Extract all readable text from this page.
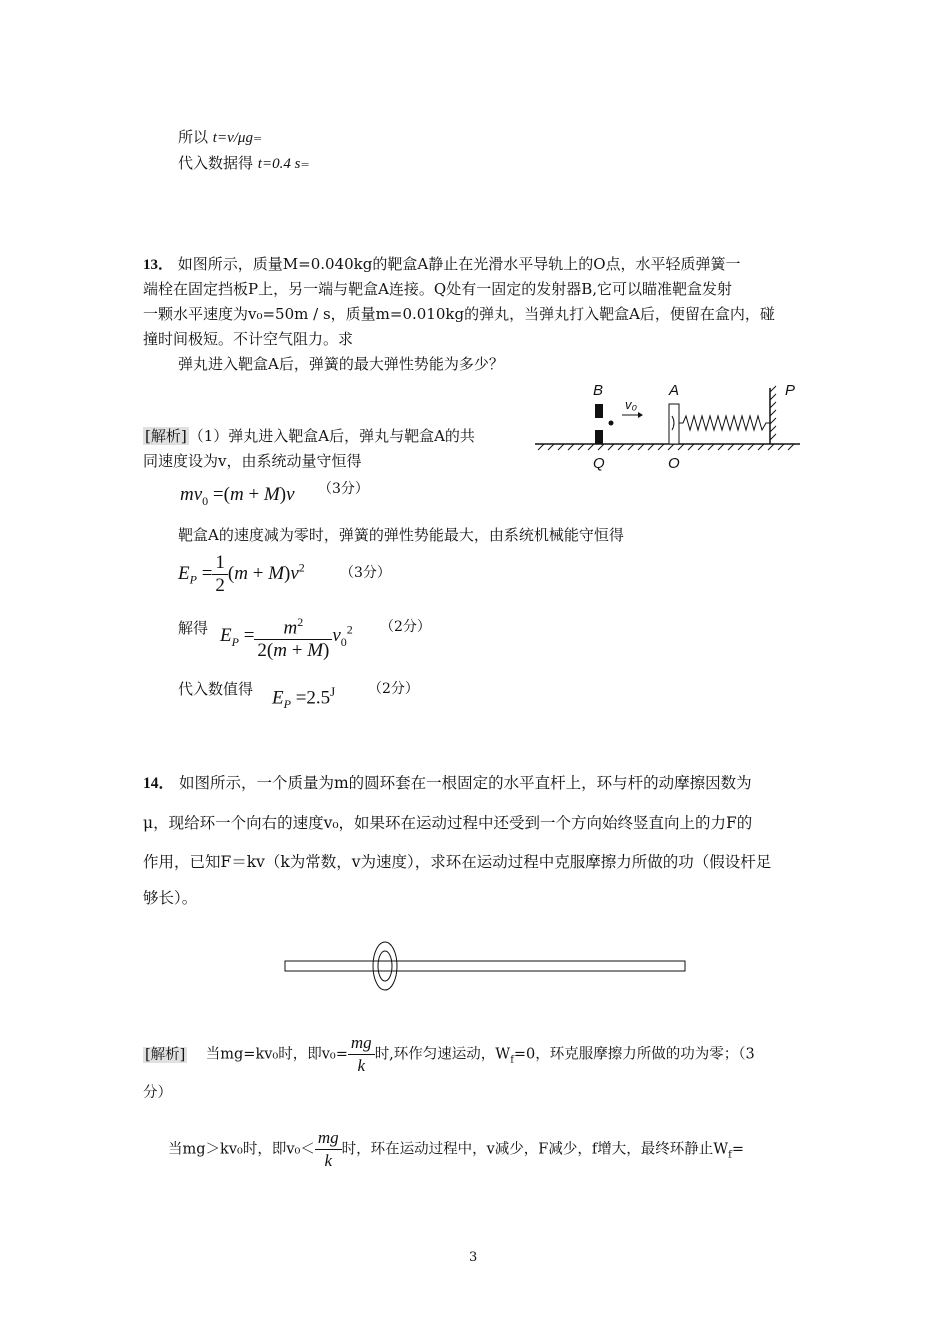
所以 t=v/μg=
代入数据得 t=0.4 s=
13． 如图所示，质量M=0.040kg的靶盒A静止在光滑水平导轨上的O点，水平轻质弹簧一
端栓在固定挡板P上，另一端与靶盒A连接。Q处有一固定的发射器B,它可以瞄准靶盒发射
一颗水平速度为v₀=50m / s，质量m=0.010kg的弹丸，当弹丸打入靶盒A后，便留在盒内，碰
撞时间极短。不计空气阻力。求
弹丸进入靶盒A后，弹簧的最大弹性势能为多少？
B
v₀
A	P
Q	O
[解析] （1）弹丸进入靶盒A后，弹丸与靶盒A的共
同速度设为v，由系统动量守恒得
$mv_0 =(m + M)v$ （3分）
靶盒A的速度减为零时，弹簧的弹性势能最大，由系统机械能守恒得
$E_P = \frac{1}{2} (m + M)v^2$	（3分）
解得 $E_P = \frac{m^2}{2(m + M)} v_0^2$ （2分）
代入数值得 $E_P =2.5^J$ （2分）
14． 如图所示，一个质量为m的圆环套在一根固定的水平直杆上，环与杆的动摩擦因数为
μ，现给环一个向右的速度v₀，如果环在运动过程中还受到一个方向始终竖直向上的力F的
作用，已知F＝kv（k为常数，v为速度），求环在运动过程中克服摩擦力所做的功（假设杆足
够长）。
[解析] 当mg=kv₀时，即$v_0= \frac{mg}{k}$ 时,环作匀速运动，$W_f=0$，环克服摩擦力所做的功为零；（3
分）
当mg＞kv₀时，即$v_0< \frac{mg}{k}$ 时，环在运动过程中，v减少，F减少，f增大，最终环静止$W_f=$
3
